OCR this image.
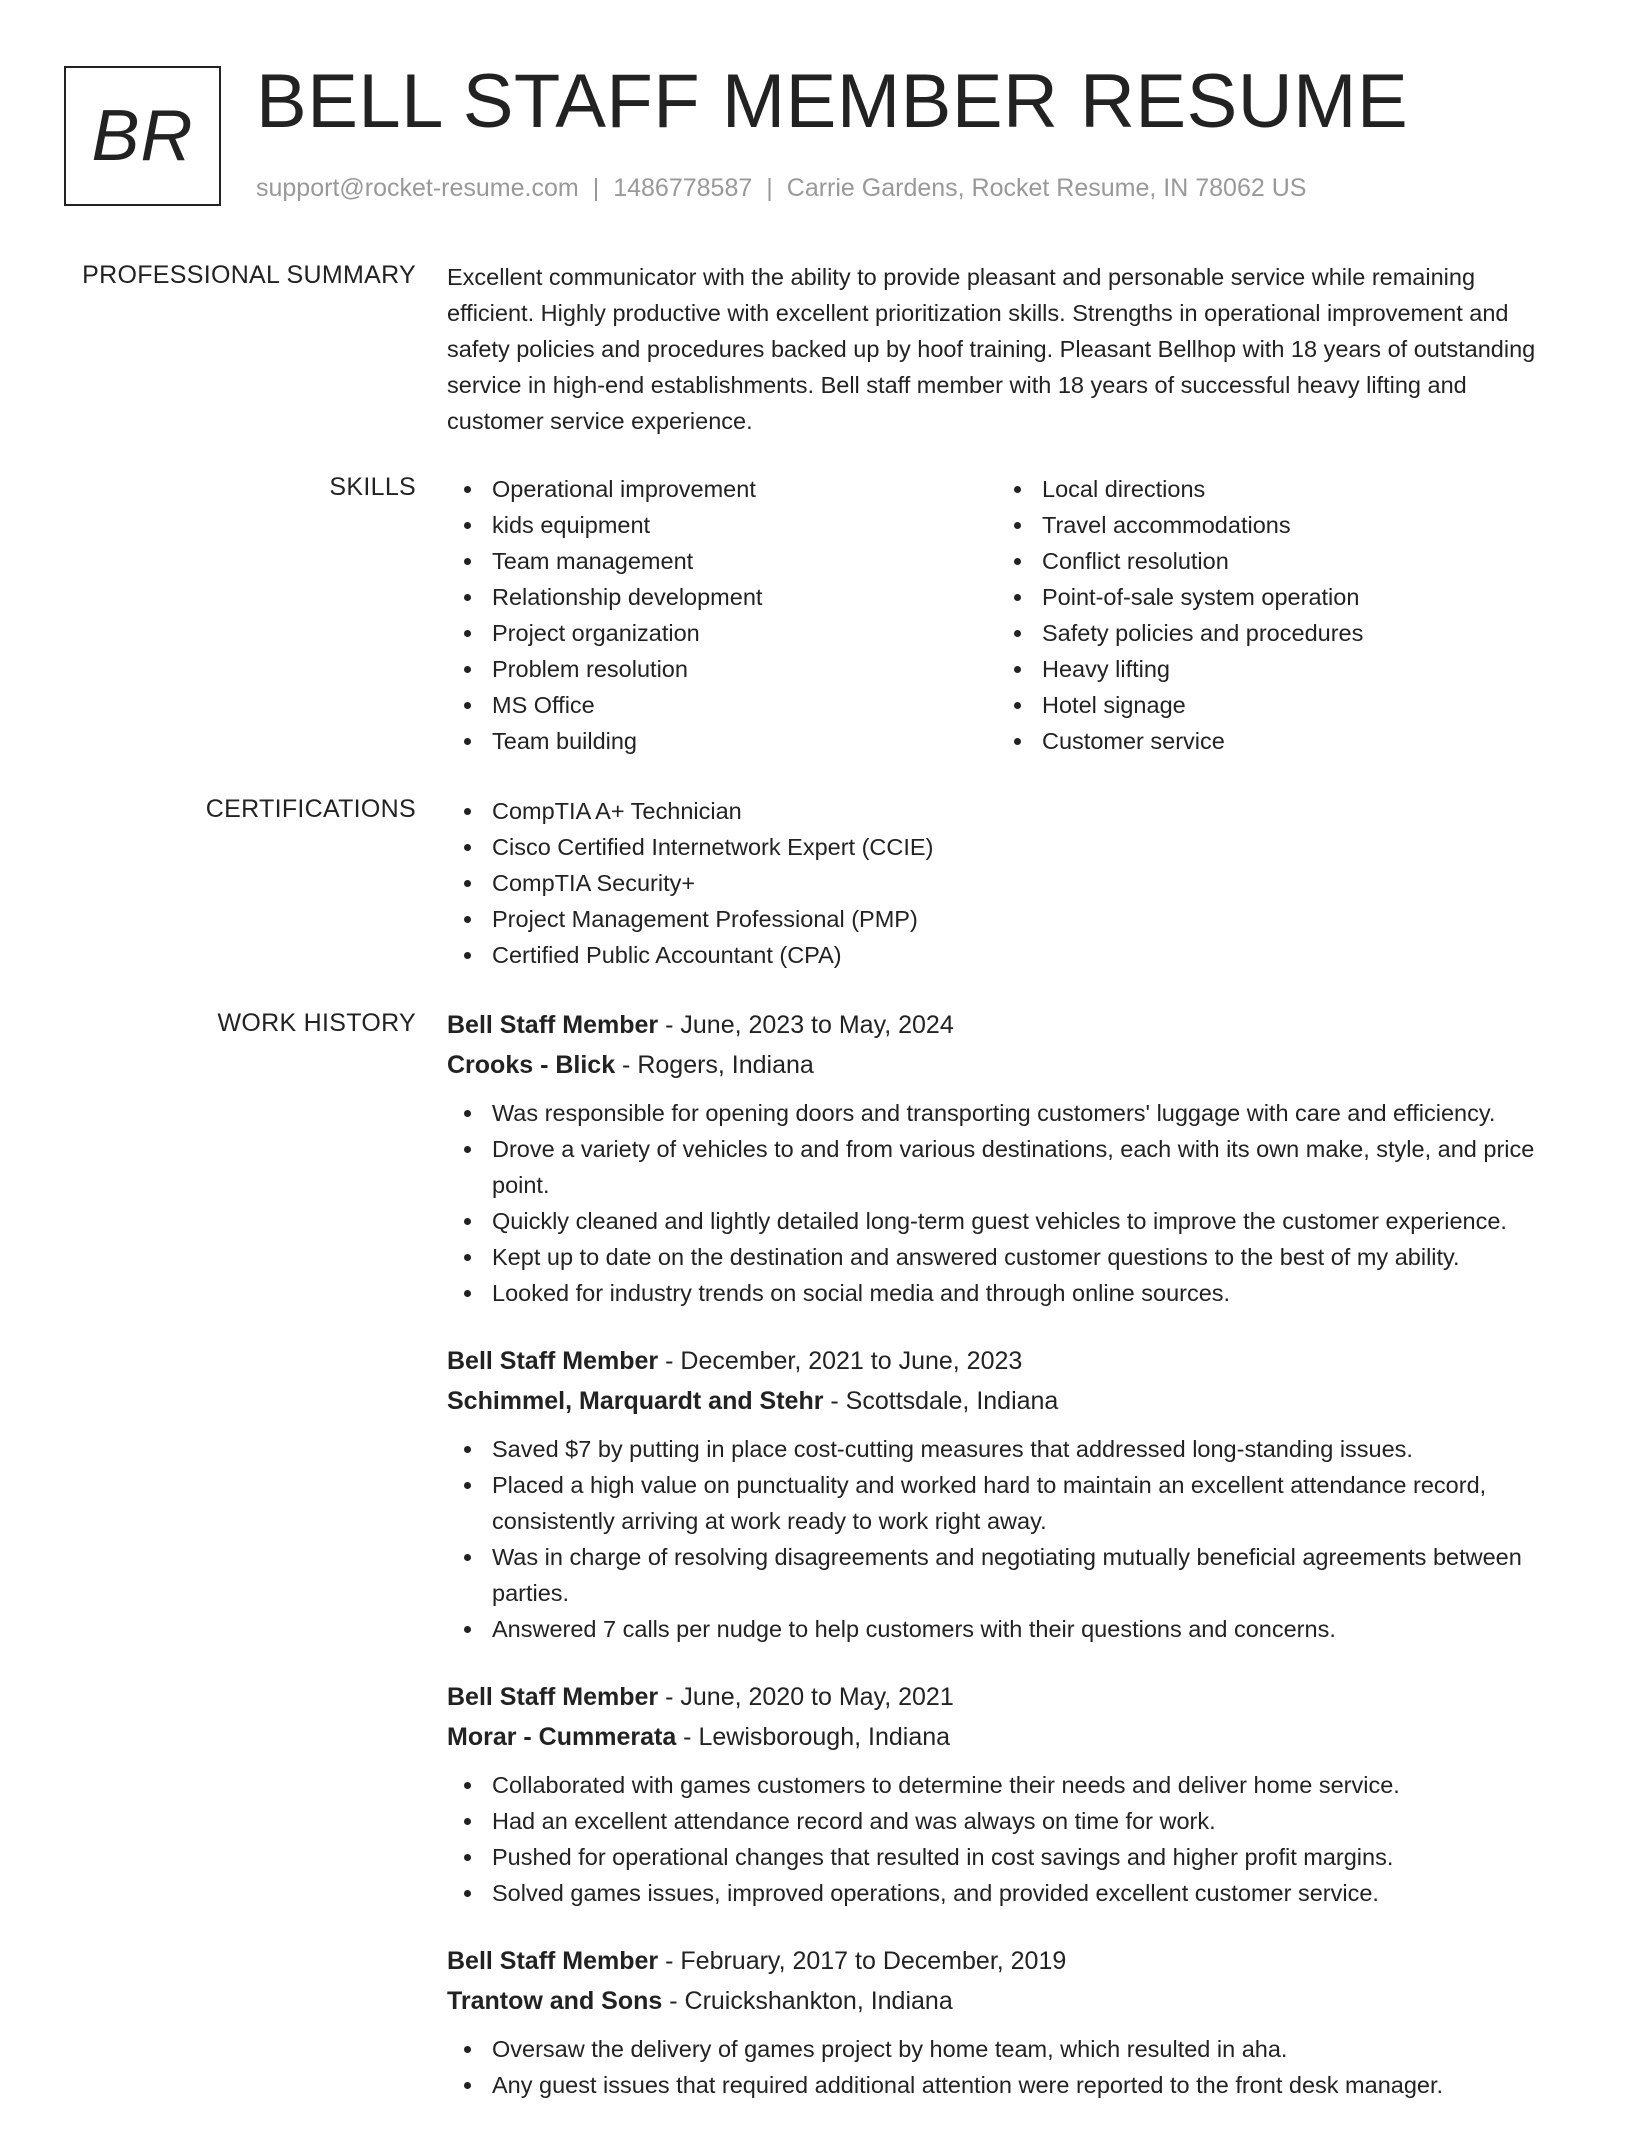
BR BELL STAFF MEMBER RESUME
support@rocket-resume.com | 1486778587 | Carrie Gardens, Rocket Resume, IN 78062 US
PROFESSIONAL SUMMARY Excellent communicator with the ability to provide pleasant and personable service while remaining efficient. Highly productive with excellent prioritization skills. Strengths in operational improvement and safety policies and procedures backed up by hoof training. Pleasant Bellhop with 18 years of outstanding service in high-end establishments. Bell staff member with 18 years of successful heavy lifting and customer service experience.

SKILLS	Operational improvement
kids equipment
Team management
Relationship development
Project organization
Problem resolution
MS Office
Team building
Local directions
Travel accommodations
Conflict resolution
Point-of-sale system operation
Safety policies and procedures
Heavy lifting
Hotel signage
Customer service
CERTIFICATIONS	CompTIA A+ Technician
Cisco Certified Internetwork Expert (CCIE)
CompTIA Security+
Project Management Professional (PMP)
Certified Public Accountant (CPA)
WORK HISTORY Bell Staff Member - June, 2023 to May, 2024
Crooks - Blick - Rogers, Indiana
Was responsible for opening doors and transporting customers' luggage with care and efficiency.
Drove a variety of vehicles to and from various destinations, each with its own make, style, and price point.
Quickly cleaned and lightly detailed long-term guest vehicles to improve the customer experience.
Kept up to date on the destination and answered customer questions to the best of my ability.
Looked for industry trends on social media and through online sources.
Bell Staff Member - December, 2021 to June, 2023
Schimmel, Marquardt and Stehr - Scottsdale, Indiana
Saved $7 by putting in place cost-cutting measures that addressed long-standing issues.
Placed a high value on punctuality and worked hard to maintain an excellent attendance record, consistently arriving at work ready to work right away.
Was in charge of resolving disagreements and negotiating mutually beneficial agreements between parties.
Answered 7 calls per nudge to help customers with their questions and concerns.
Bell Staff Member - June, 2020 to May, 2021
Morar - Cummerata - Lewisborough, Indiana
Collaborated with games customers to determine their needs and deliver home service.
Had an excellent attendance record and was always on time for work.
Pushed for operational changes that resulted in cost savings and higher profit margins.
Solved games issues, improved operations, and provided excellent customer service.
Bell Staff Member - February, 2017 to December, 2019
Trantow and Sons - Cruickshankton, Indiana
Oversaw the delivery of games project by home team, which resulted in aha.
Any guest issues that required additional attention were reported to the front desk manager.
